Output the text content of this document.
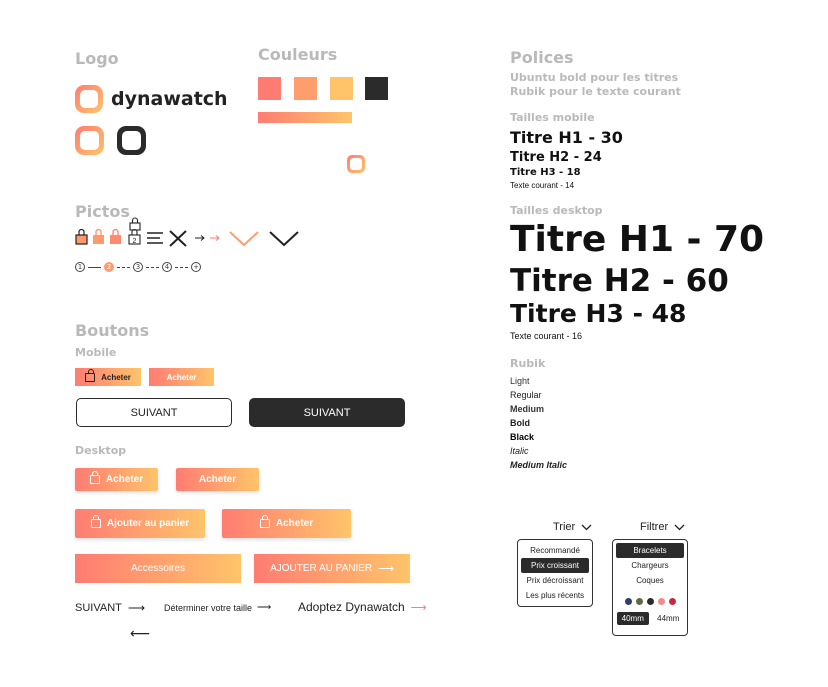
Logo
dynawatch
Couleurs
Pictos
2
1	2	3	4	+
Boutons
Mobile
Acheter	Acheter
SUIVANT	SUIVANT
Desktop
Acheter	Acheter
Ajouter au panier	Acheter
Accessoires	AJOUTER AU PANIER ⟶
SUIVANT ⟶
⟵
Déterminer votre taille ⟶ Adoptez Dynawatch ⟶
Polices
Ubuntu bold pour les titres
Rubik pour le texte courant
Tailles mobile
Titre H1 - 30
Titre H2 - 24
Titre H3 - 18
Texte courant - 14
Tailles desktop
Titre H1 - 70
Titre H2 - 60
Titre H3 - 48
Texte courant - 16
Rubik
Light
Regular
Medium
Bold
Black
Italic
Medium Italic
Trier
Recommandé
Prix croissant
Prix décroissant
Les plus récents
Filtrer
Bracelets
Chargeurs
Coques
40mm	44mm
